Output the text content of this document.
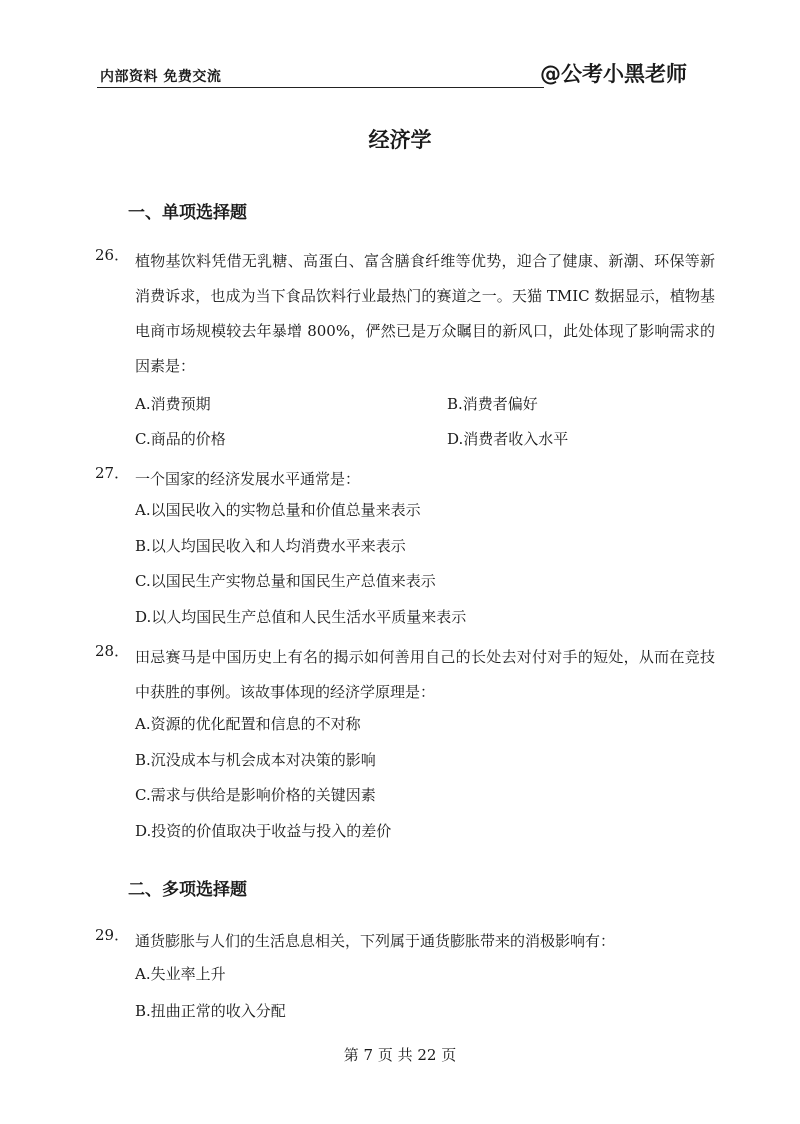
内部资料 免费交流	@公考小黑老师
经济学
一、单项选择题
26． 植物基饮料凭借无乳糖、高蛋白、富含膳食纤维等优势，迎合了健康、新潮、环保等新消费诉求，也成为当下食品饮料行业最热门的赛道之一。天猫 TMIC 数据显示，植物基电商市场规模较去年暴增 800%，俨然已是万众瞩目的新风口，此处体现了影响需求的因素是：
A.消费预期	B.消费者偏好
C.商品的价格	D.消费者收入水平
27． 一个国家的经济发展水平通常是：
A.以国民收入的实物总量和价值总量来表示
B.以人均国民收入和人均消费水平来表示
C.以国民生产实物总量和国民生产总值来表示
D.以人均国民生产总值和人民生活水平质量来表示
28． 田忌赛马是中国历史上有名的揭示如何善用自己的长处去对付对手的短处，从而在竞技中获胜的事例。该故事体现的经济学原理是：
A.资源的优化配置和信息的不对称
B.沉没成本与机会成本对决策的影响
C.需求与供给是影响价格的关键因素
D.投资的价值取决于收益与投入的差价
二、多项选择题
29． 通货膨胀与人们的生活息息相关，下列属于通货膨胀带来的消极影响有：
A.失业率上升
B.扭曲正常的收入分配
第 7 页 共 22 页
